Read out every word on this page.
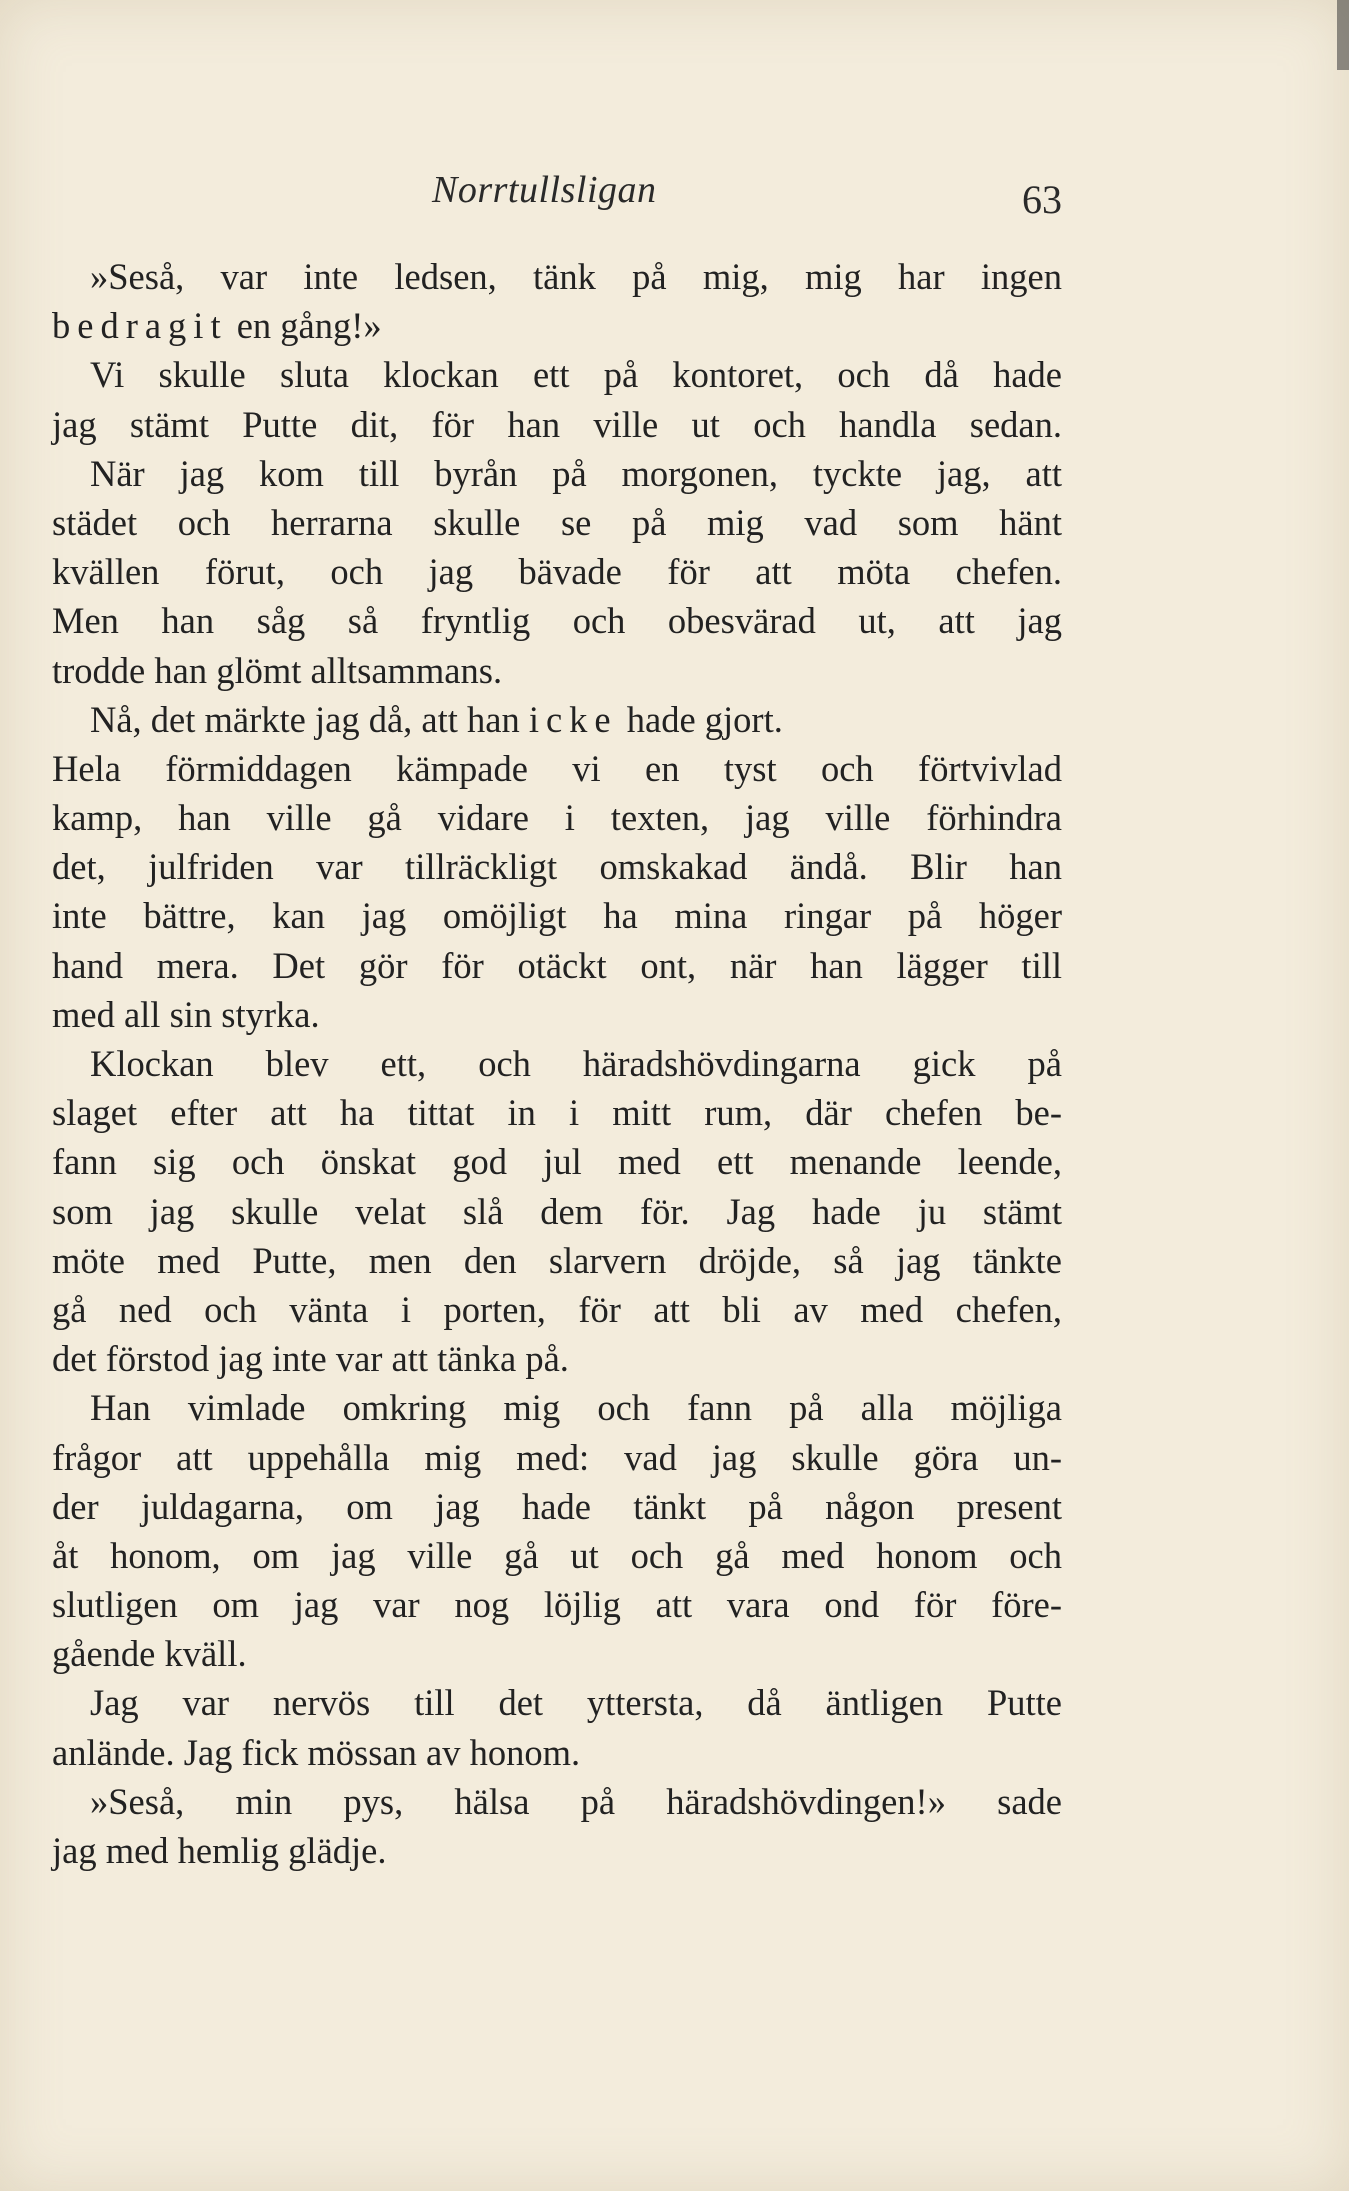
Norrtullsligan	63
»Seså, var inte ledsen, tänk på mig, mig har ingen
bedragit en gång!»
Vi skulle sluta klockan ett på kontoret, och då hade
jag stämt Putte dit, för han ville ut och handla sedan.
När jag kom till byrån på morgonen, tyckte jag, att
städet och herrarna skulle se på mig vad som hänt
kvällen förut, och jag bävade för att möta chefen.
Men han såg så fryntlig och obesvärad ut, att jag
trodde han glömt alltsammans.
Nå, det märkte jag då, att han icke hade gjort.
Hela förmiddagen kämpade vi en tyst och förtvivlad
kamp, han ville gå vidare i texten, jag ville förhindra
det, julfriden var tillräckligt omskakad ändå. Blir han
inte bättre, kan jag omöjligt ha mina ringar på höger
hand mera. Det gör för otäckt ont, när han lägger till
med all sin styrka.
Klockan blev ett, och häradshövdingarna gick på
slaget efter att ha tittat in i mitt rum, där chefen be-
fann sig och önskat god jul med ett menande leende,
som jag skulle velat slå dem för. Jag hade ju stämt
möte med Putte, men den slarvern dröjde, så jag tänkte
gå ned och vänta i porten, för att bli av med chefen,
det förstod jag inte var att tänka på.
Han vimlade omkring mig och fann på alla möjliga
frågor att uppehålla mig med: vad jag skulle göra un-
der juldagarna, om jag hade tänkt på någon present
åt honom, om jag ville gå ut och gå med honom och
slutligen om jag var nog löjlig att vara ond för före-
gående kväll.
Jag var nervös till det yttersta, då äntligen Putte
anlände. Jag fick mössan av honom.
»Seså, min pys, hälsa på häradshövdingen!» sade
jag med hemlig glädje.
